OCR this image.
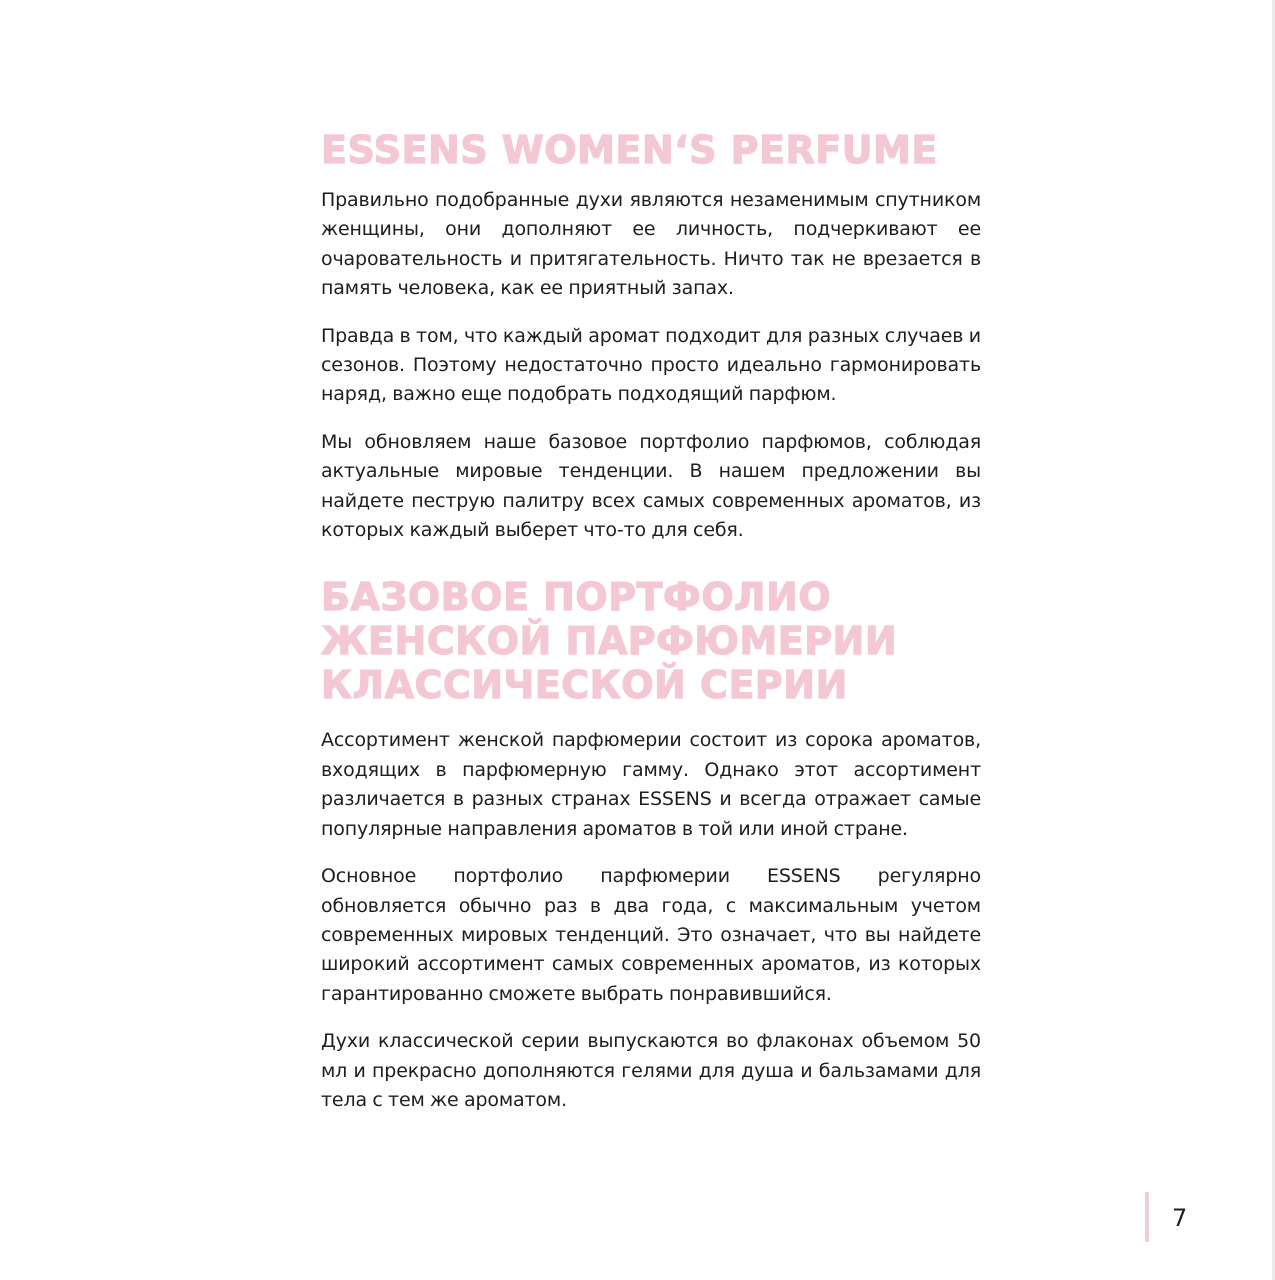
ESSENS WOMEN‘S PERFUME

Правильно подобранные духи являются незаменимым спутником женщины, они дополняют ее личность, подчеркивают ее очаровательность и притягательность. Ничто так не врезается в память человека, как ее приятный запах.

Правда в том, что каждый аромат подходит для разных случаев и сезонов. Поэтому недостаточно просто идеально гармонировать наряд, важно еще подобрать подходящий парфюм.

Мы обновляем наше базовое портфолио парфюмов, соблюдая актуальные мировые тенденции. В нашем предложении вы найдете пеструю палитру всех самых современных ароматов, из которых каждый выберет что-то для себя.

БАЗОВОЕ ПОРТФОЛИО
ЖЕНСКОЙ ПАРФЮМЕРИИ
КЛАССИЧЕСКОЙ СЕРИИ

Ассортимент женской парфюмерии состоит из сорока ароматов, входящих в парфюмерную гамму. Однако этот ассортимент различается в разных странах ESSENS и всегда отражает самые популярные направления ароматов в той или иной стране.

Основное портфолио парфюмерии ESSENS регулярно обновляется обычно раз в два года, с максимальным учетом современных мировых тенденций. Это означает, что вы найдете широкий ассортимент самых современных ароматов, из которых гарантированно сможете выбрать понравившийся.

Духи классической серии выпускаются во флаконах объемом 50 мл и прекрасно дополняются гелями для душа и бальзамами для тела с тем же ароматом.

7
